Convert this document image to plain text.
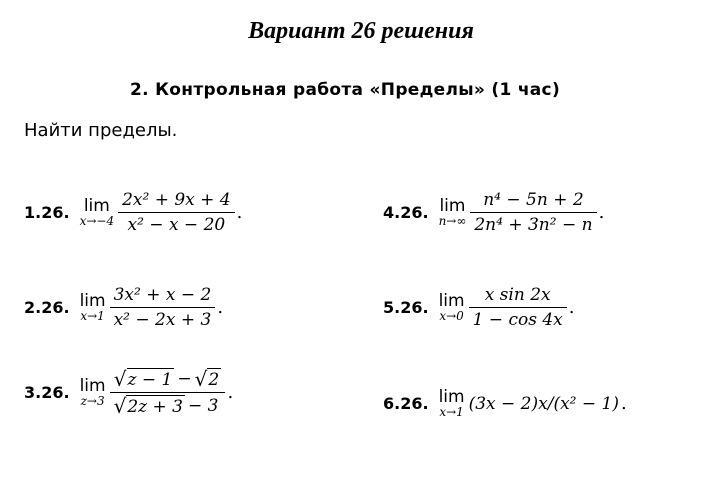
Вариант 26 решения
2. Контрольная работа «Пределы» (1 час)

Найти пределы.

1.26. lim
$x\to-4 \frac{\text{2x² + 9x + 4}}{\text{x² − x − 20}}$ .
2.26. lim
$x\to 1 \frac{\text{3x² + x − 2}}{\text{x² − 2x + 3}}$ .
3.26. lim
$z\to 3 \frac{√ z - 1 - √ 2}{√ 2z + 3 - 3}$ .
4.26. lim
$n\to\infty \frac{\text{n⁴ − 5n + 2}}{\text{2n⁴ + 3n² − n}}$ .
5.26. lim
$x\to 0 \frac{\text{x sin 2x}}{1 - \cos 4x}$ .
6.26. lim
x→1 (3x − 2) x/(x² − 1) .
